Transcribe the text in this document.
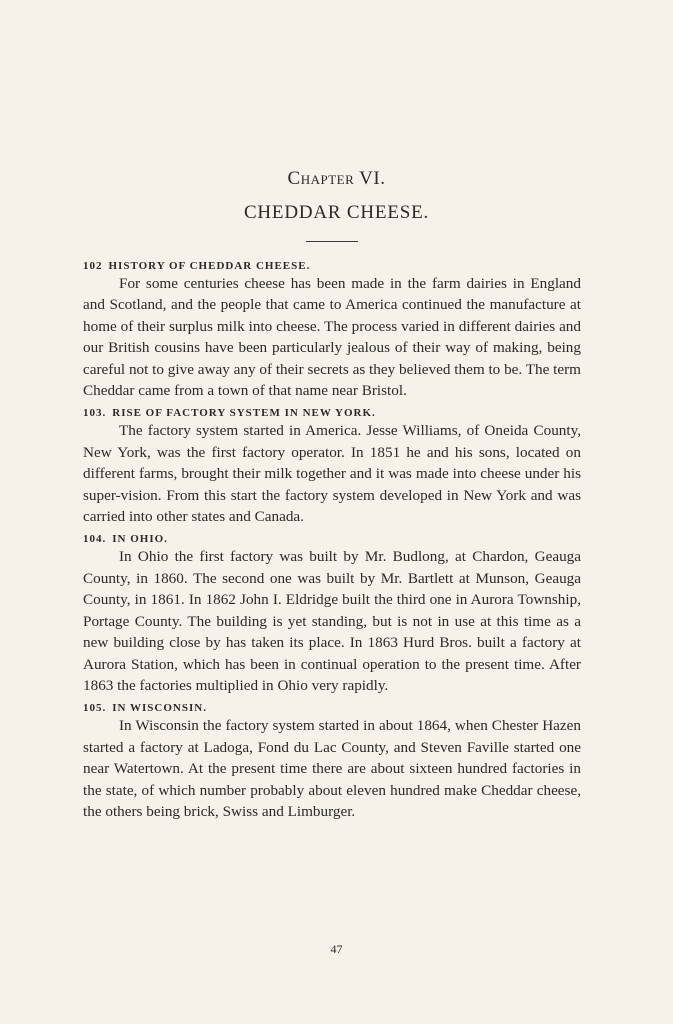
Chapter VI.
CHEDDAR CHEESE.

102 HISTORY OF CHEDDAR CHEESE.

For some centuries cheese has been made in the farm dairies in England and Scotland, and the people that came to America continued the manufacture at home of their surplus milk into cheese. The process varied in different dairies and our British cousins have been particularly jealous of their way of making, being careful not to give away any of their secrets as they believed them to be. The term Cheddar came from a town of that name near Bristol.

103. RISE OF FACTORY SYSTEM IN NEW YORK.

The factory system started in America. Jesse Williams, of Oneida County, New York, was the first factory operator. In 1851 he and his sons, located on different farms, brought their milk together and it was made into cheese under his super-vision. From this start the factory system developed in New York and was carried into other states and Canada.

104. IN OHIO.

In Ohio the first factory was built by Mr. Budlong, at Chardon, Geauga County, in 1860. The second one was built by Mr. Bartlett at Munson, Geauga County, in 1861. In 1862 John I. Eldridge built the third one in Aurora Township, Portage County. The building is yet standing, but is not in use at this time as a new building close by has taken its place. In 1863 Hurd Bros. built a factory at Aurora Station, which has been in continual operation to the present time. After 1863 the factories multiplied in Ohio very rapidly.

105. IN WISCONSIN.

In Wisconsin the factory system started in about 1864, when Chester Hazen started a factory at Ladoga, Fond du Lac County, and Steven Faville started one near Watertown. At the present time there are about sixteen hundred factories in the state, of which number probably about eleven hundred make Cheddar cheese, the others being brick, Swiss and Limburger.

47
